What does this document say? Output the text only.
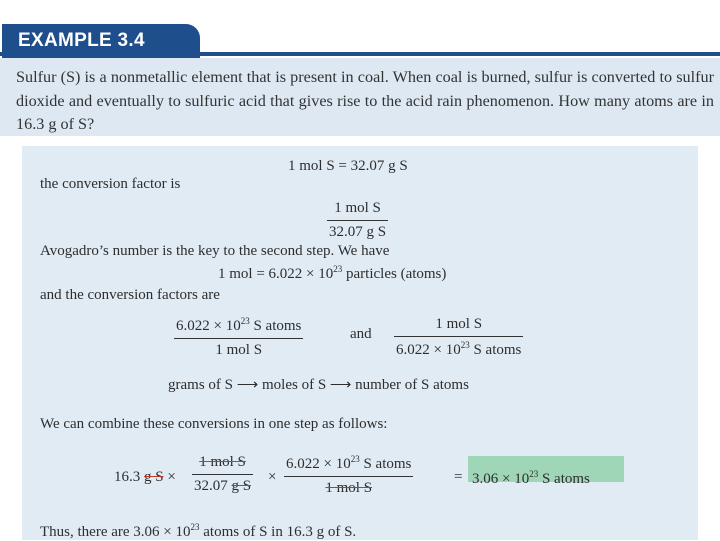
EXAMPLE 3.4

Sulfur (S) is a nonmetallic element that is present in coal. When coal is burned, sulfur is converted to sulfur dioxide and eventually to sulfuric acid that gives rise to the acid rain phenomenon. How many atoms are in 16.3 g of S?

1 mol S = 32.07 g S
the conversion factor is
1 mol S
32.07 g S
Avogadro’s number is the key to the second step. We have
1 mol = $6.022 \times 10^{23}$ particles (atoms)
and the conversion factors are
$6.022 \times 10^{23}$ S atoms
1 mol S
and
1 mol S
$6.022 \times 10^{23}$ S atoms
grams of S ⟶ moles of S ⟶ number of S atoms
We can combine these conversions in one step as follows:
16.3 g S ×
1 mol S
32.07 g S
×
$6.022 \times 10^{23}$ S atoms
1 mol S
= $3.06 \times 10^{23}$ S atoms
Thus, there are $3.06 \times 10^{23}$ atoms of S in 16.3 g of S.
